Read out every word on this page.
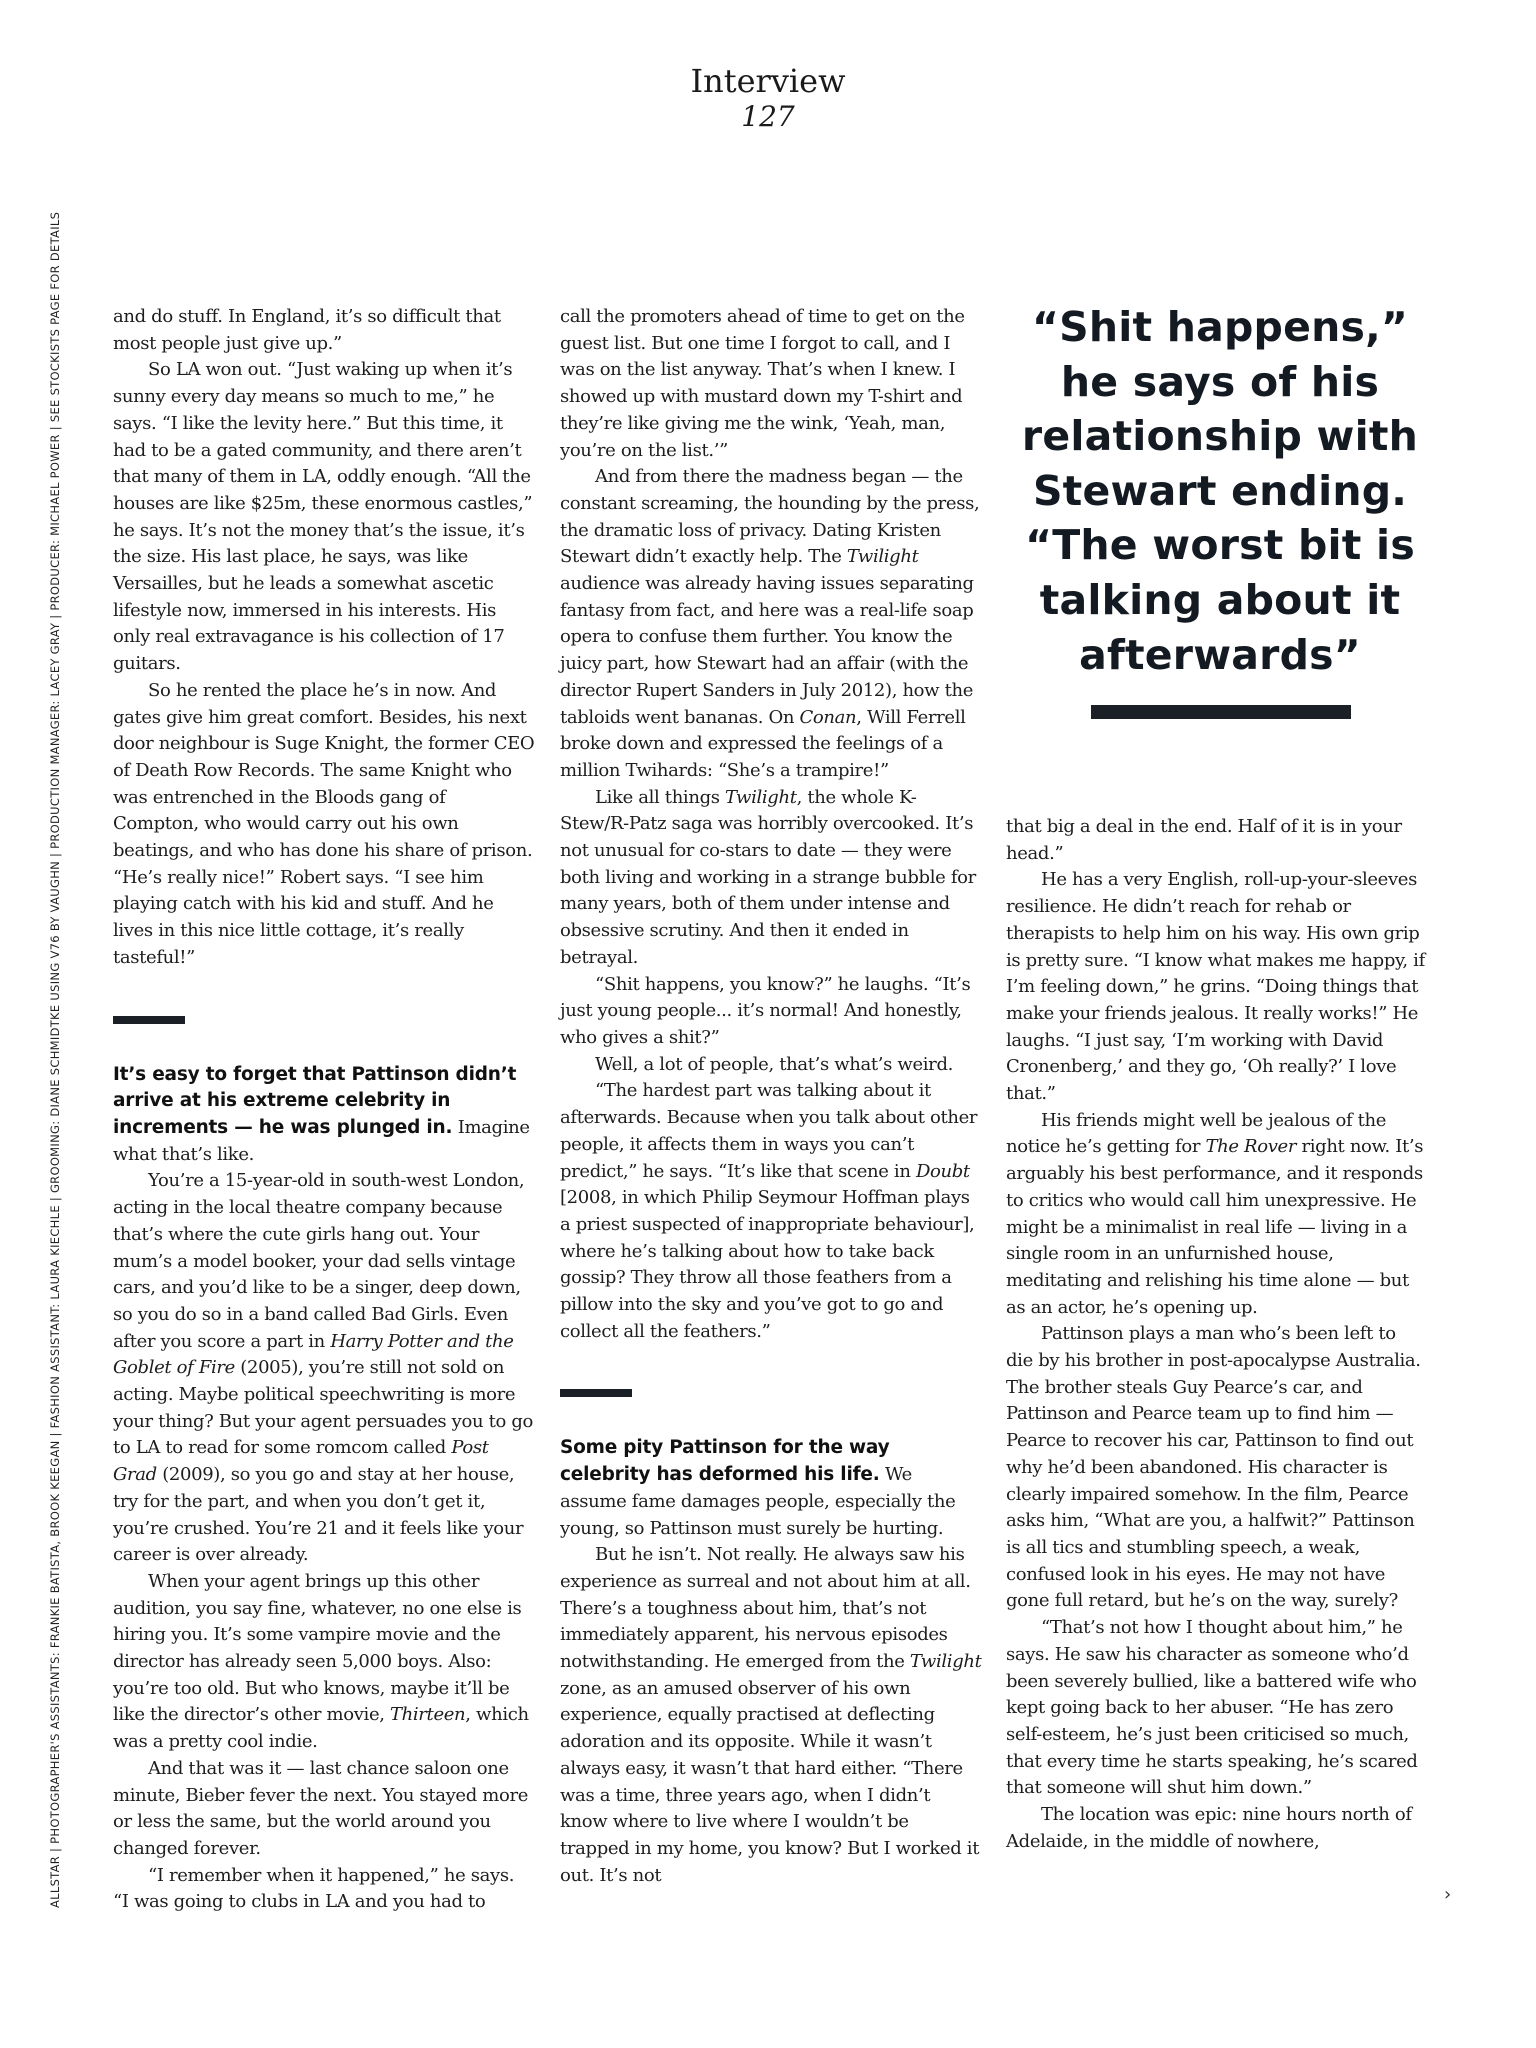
Interview
127
ALLSTAR | PHOTOGRAPHER'S ASSISTANTS: FRANKIE BATISTA, BROOK KEEGAN | FASHION ASSISTANT: LAURA KIECHLE | GROOMING: DIANE SCHMIDTKE USING V76 BY VAUGHN | PRODUCTION MANAGER: LACEY GRAY | PRODUCER: MICHAEL POWER | SEE STOCKISTS PAGE FOR DETAILS	and do stuff. In England, it’s so difficult that most people just give up.”

So LA won out. “Just waking up when it’s sunny every day means so much to me,” he says. “I like the levity here.” But this time, it had to be a gated community, and there aren’t that many of them in LA, oddly enough. “All the houses are like $25m, these enormous castles,” he says. It’s not the money that’s the issue, it’s the size. His last place, he says, was like Versailles, but he leads a somewhat ascetic lifestyle now, immersed in his interests. His only real extravagance is his collection of 17 guitars.

So he rented the place he’s in now. And gates give him great comfort. Besides, his next door neighbour is Suge Knight, the former CEO of Death Row Records. The same Knight who was entrenched in the Bloods gang of Compton, who would carry out his own beatings, and who has done his share of prison. “He’s really nice!” Robert says. “I see him playing catch with his kid and stuff. And he lives in this nice little cottage, it’s really tasteful!”

It’s easy to forget that Pattinson didn’t arrive at his extreme celebrity in increments — he was plunged in. Imagine what that’s like.

You’re a 15-year-old in south-west London, acting in the local theatre company because that’s where the cute girls hang out. Your mum’s a model booker, your dad sells vintage cars, and you’d like to be a singer, deep down, so you do so in a band called Bad Girls. Even after you score a part in Harry Potter and the Goblet of Fire (2005), you’re still not sold on acting. Maybe political speechwriting is more your thing? But your agent persuades you to go to LA to read for some romcom called Post Grad (2009), so you go and stay at her house, try for the part, and when you don’t get it, you’re crushed. You’re 21 and it feels like your career is over already.

When your agent brings up this other audition, you say fine, whatever, no one else is hiring you. It’s some vampire movie and the director has already seen 5,000 boys. Also: you’re too old. But who knows, maybe it’ll be like the director’s other movie, Thirteen, which was a pretty cool indie.

And that was it — last chance saloon one minute, Bieber fever the next. You stayed more or less the same, but the world around you changed forever.

“I remember when it happened,” he says. “I was going to clubs in LA and you had to

call the promoters ahead of time to get on the guest list. But one time I forgot to call, and I was on the list anyway. That’s when I knew. I showed up with mustard down my T-shirt and they’re like giving me the wink, ‘Yeah, man, you’re on the list.’”

And from there the madness began — the constant screaming, the hounding by the press, the dramatic loss of privacy. Dating Kristen Stewart didn’t exactly help. The Twilight audience was already having issues separating fantasy from fact, and here was a real-life soap opera to confuse them further. You know the juicy part, how Stewart had an affair (with the director Rupert Sanders in July 2012), how the tabloids went bananas. On Conan, Will Ferrell broke down and expressed the feelings of a million Twihards: “She’s a trampire!”

Like all things Twilight, the whole K-Stew/R-Patz saga was horribly overcooked. It’s not unusual for co-stars to date — they were both living and working in a strange bubble for many years, both of them under intense and obsessive scrutiny. And then it ended in betrayal.

“Shit happens, you know?” he laughs. “It’s just young people... it’s normal! And honestly, who gives a shit?”

Well, a lot of people, that’s what’s weird.

“The hardest part was talking about it afterwards. Because when you talk about other people, it affects them in ways you can’t predict,” he says. “It’s like that scene in Doubt [2008, in which Philip Seymour Hoffman plays a priest suspected of inappropriate behaviour], where he’s talking about how to take back gossip? They throw all those feathers from a pillow into the sky and you’ve got to go and collect all the feathers.”

Some pity Pattinson for the way celebrity has deformed his life. We assume fame damages people, especially the young, so Pattinson must surely be hurting.

But he isn’t. Not really. He always saw his experience as surreal and not about him at all. There’s a toughness about him, that’s not immediately apparent, his nervous episodes notwithstanding. He emerged from the Twilight zone, as an amused observer of his own experience, equally practised at deflecting adoration and its opposite. While it wasn’t always easy, it wasn’t that hard either. “There was a time, three years ago, when I didn’t know where to live where I wouldn’t be trapped in my home, you know? But I worked it out. It’s not

“Shit happens,” he says of his relationship with Stewart ending. “The worst bit is talking about it afterwards”

that big a deal in the end. Half of it is in your head.”

He has a very English, roll-up-your-sleeves resilience. He didn’t reach for rehab or therapists to help him on his way. His own grip is pretty sure. “I know what makes me happy, if I’m feeling down,” he grins. “Doing things that make your friends jealous. It really works!” He laughs. “I just say, ‘I’m working with David Cronenberg,’ and they go, ‘Oh really?’ I love that.”

His friends might well be jealous of the notice he’s getting for The Rover right now. It’s arguably his best performance, and it responds to critics who would call him unexpressive. He might be a minimalist in real life — living in a single room in an unfurnished house, meditating and relishing his time alone — but as an actor, he’s opening up.

Pattinson plays a man who’s been left to die by his brother in post-apocalypse Australia. The brother steals Guy Pearce’s car, and Pattinson and Pearce team up to find him — Pearce to recover his car, Pattinson to find out why he’d been abandoned. His character is clearly impaired somehow. In the film, Pearce asks him, “What are you, a halfwit?” Pattinson is all tics and stumbling speech, a weak, confused look in his eyes. He may not have gone full retard, but he’s on the way, surely?

“That’s not how I thought about him,” he says. He saw his character as someone who’d been severely bullied, like a battered wife who kept going back to her abuser. “He has zero self-esteem, he’s just been criticised so much, that every time he starts speaking, he’s scared that someone will shut him down.”

The location was epic: nine hours north of Adelaide, in the middle of nowhere,

›
